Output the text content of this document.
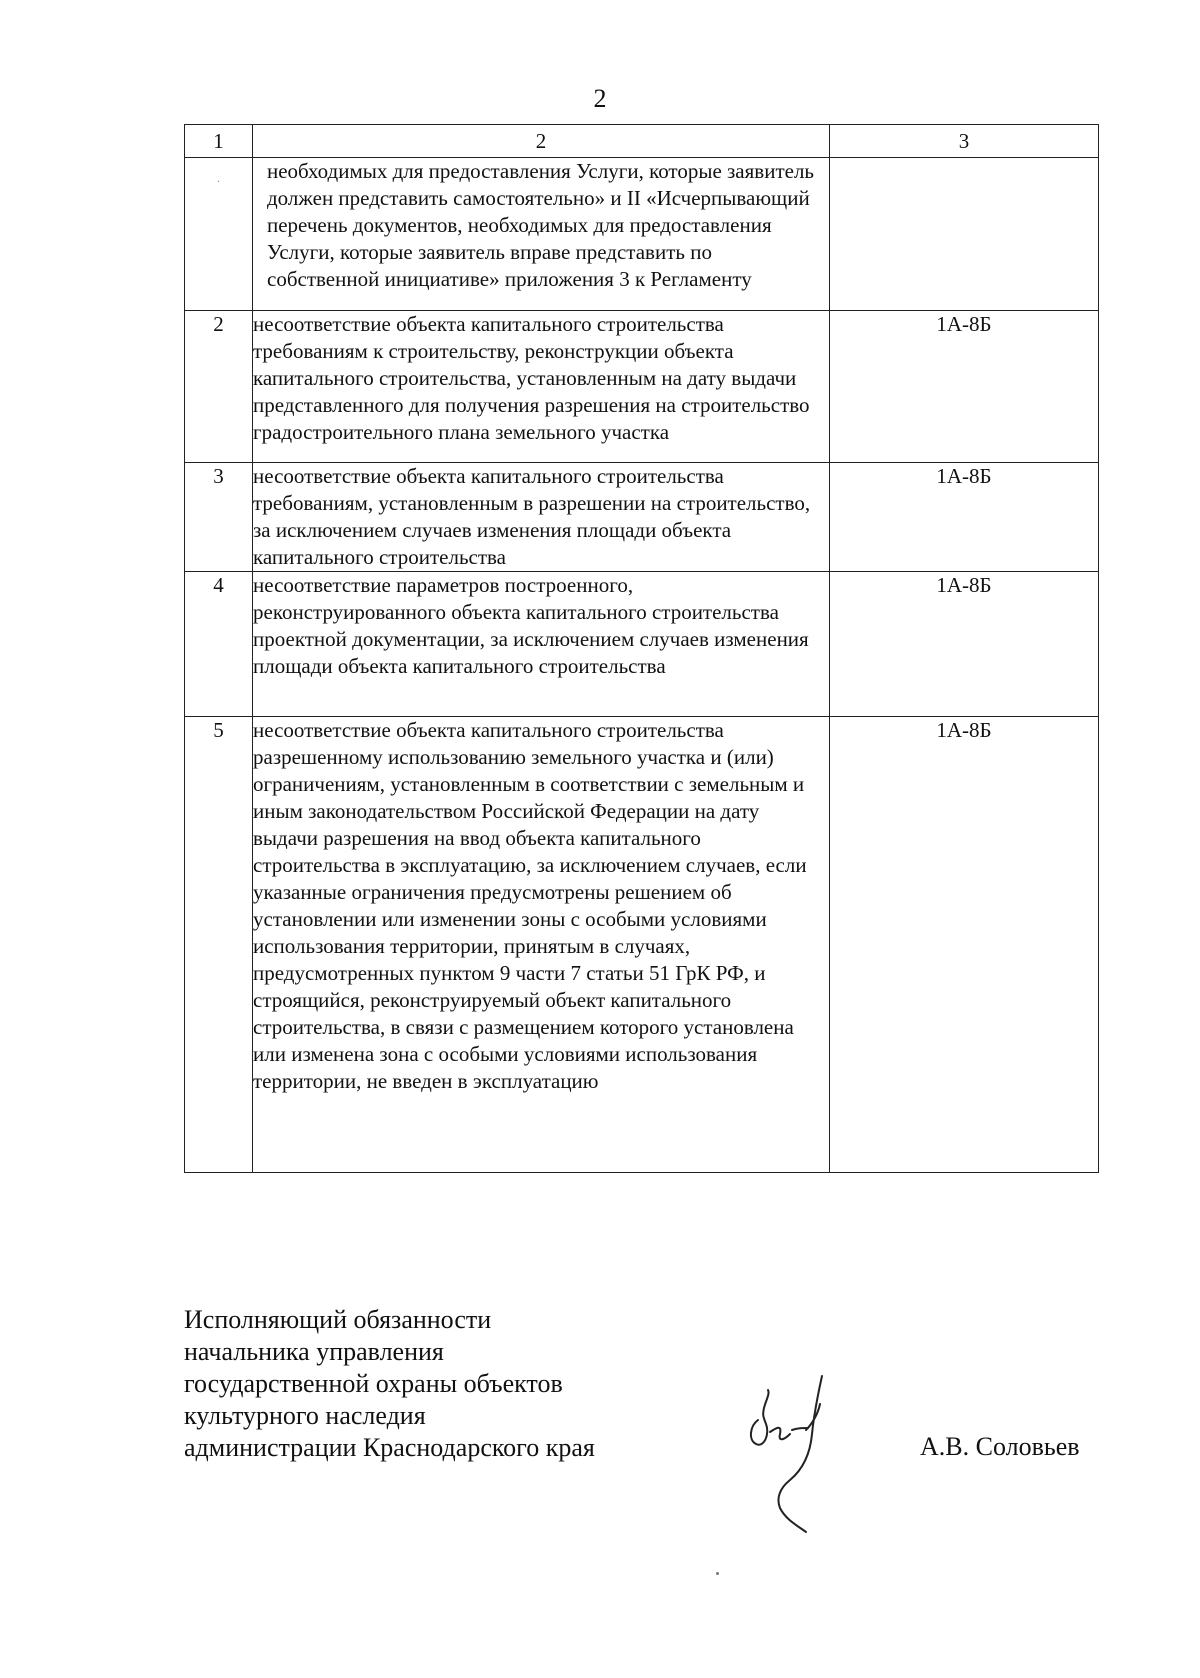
2
1	2	3

·	необходимых для предоставления Услуги, которые заявитель должен представить самостоятельно» и II «Исчерпывающий перечень документов, необходимых для предоставления Услуги, которые заявитель вправе представить по собственной инициативе» приложения 3 к Регламенту	
2	несоответствие объекта капитального строительства требованиям к строительству, реконструкции объекта капитального строительства, установленным на дату выдачи представленного для получения разрешения на строительство градостроительного плана земельного участка	1А-8Б
3	несоответствие объекта капитального строительства требованиям, установленным в разрешении на строительство, за исключением случаев изменения площади объекта капитального строительства	1А-8Б
4	несоответствие параметров построенного, реконструированного объекта капитального строительства проектной документации, за исключением случаев изменения площади объекта капитального строительства	1А-8Б
5	несоответствие объекта капитального строительства разрешенному использованию земельного участка и (или) ограничениям, установленным в соответствии с земельным и иным законодательством Российской Федерации на дату выдачи разрешения на ввод объекта капитального строительства в эксплуатацию, за исключением случаев, если указанные ограничения предусмотрены решением об установлении или изменении зоны с особыми условиями использования территории, принятым в случаях, предусмотренных пунктом 9 части 7 статьи 51 ГрК РФ, и строящийся, реконструируемый объект капитального строительства, в связи с размещением которого установлена или изменена зона с особыми условиями использования территории, не введен в эксплуатацию	1А-8Б
Исполняющий обязанности
начальника управления
государственной охраны объектов
культурного наследия
администрации Краснодарского края	А.В. Соловьев
